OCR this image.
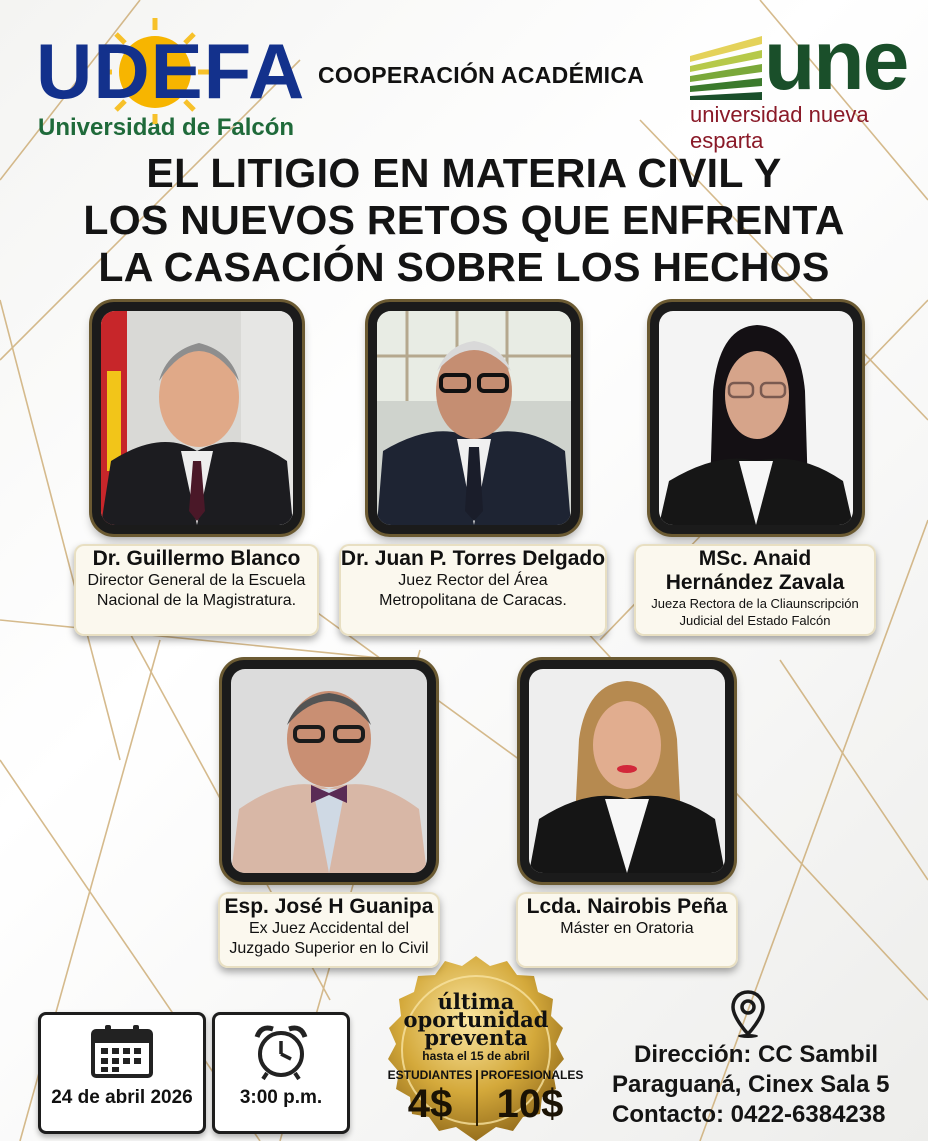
UDEFA
Universidad de Falcón
COOPERACIÓN ACADÉMICA une
universidad nueva esparta
EL LITIGIO EN MATERIA CIVIL Y
LOS NUEVOS RETOS QUE ENFRENTA
LA CASACIÓN SOBRE LOS HECHOS
Dr. Guillermo Blanco
Director General de la Escuela
Nacional de la Magistratura.
Dr. Juan P. Torres Delgado
Juez Rector del Área
Metropolitana de Caracas.
MSc. Anaid
Hernández Zavala
Jueza Rectora de la Cliaunscripción
Judicial del Estado Falcón
Esp. José H Guanipa
Ex Juez Accidental del
Juzgado Superior en lo Civil
Lcda. Nairobis Peña
Máster en Oratoria
24 de abril 2026	3:00 p.m.
última
oportunidad
preventa
hasta el 15 de abril
ESTUDIANTES PROFESIONALES
4$	10$
Dirección: CC Sambil
Paraguaná, Cinex Sala 5
Contacto: 0422-6384238
